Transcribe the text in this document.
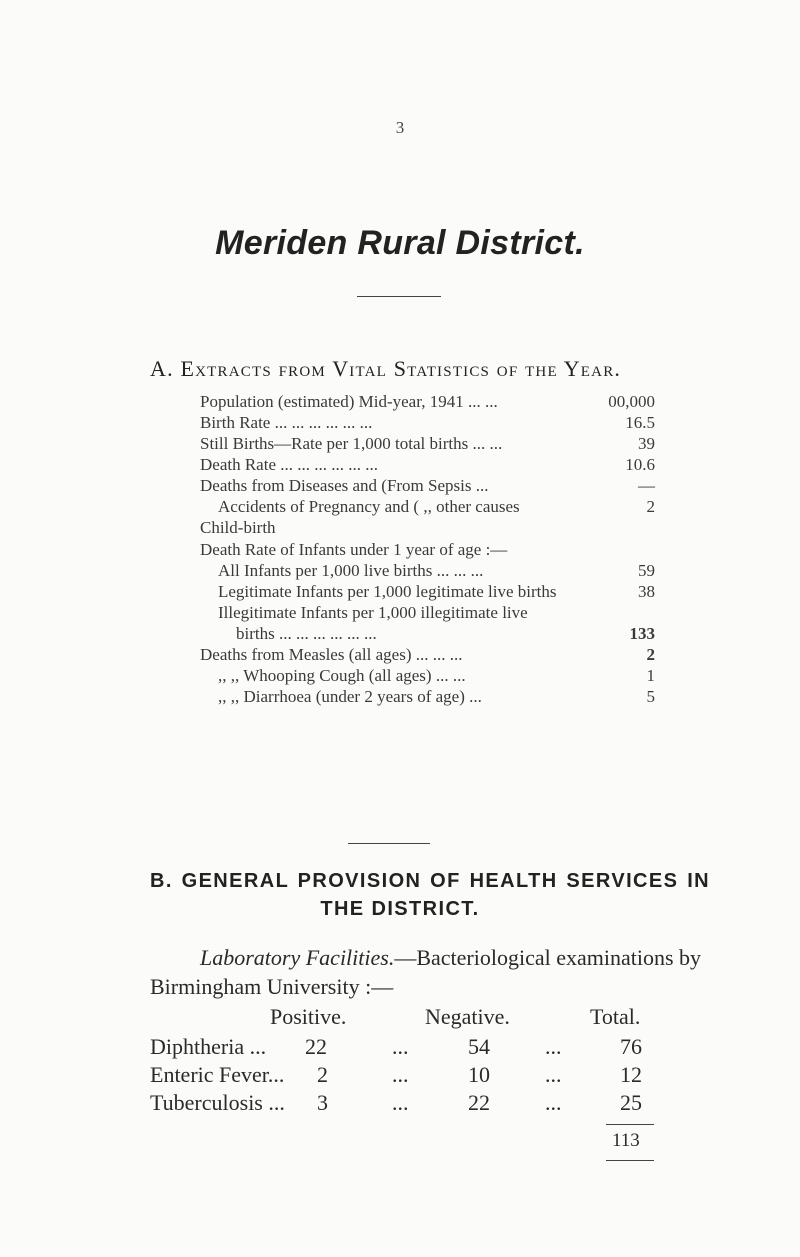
3
Meriden Rural District.
A. Extracts from Vital Statistics of the Year.
Population (estimated) Mid-year, 1941 ... ...	00,000
Birth Rate ... ... ... ... ... ...	16.5
Still Births—Rate per 1,000 total births ... ...	39
Death Rate ... ... ... ... ... ...	10.6
Deaths from Diseases and (From Sepsis ...	—
Accidents of Pregnancy and ( ,, other causes	2
Child-birth
Death Rate of Infants under 1 year of age :—
All Infants per 1,000 live births ... ... ...	59
Legitimate Infants per 1,000 legitimate live births	38
Illegitimate Infants per 1,000 illegitimate live
births ... ... ... ... ... ...	133
Deaths from Measles (all ages) ... ... ...	2
,, ,, Whooping Cough (all ages) ... ...	1
,, ,, Diarrhoea (under 2 years of age) ...	5
B. GENERAL PROVISION OF HEALTH SERVICES IN
THE DISTRICT.
Laboratory Facilities.—Bacteriological examinations by
Birmingham University :—
Positive.	Negative.	Total.
Diphtheria ... 22	...	54	...	76
Enteric Fever... 2	...	10	...	12
Tuberculosis ... 3	...	22	...	25
113
